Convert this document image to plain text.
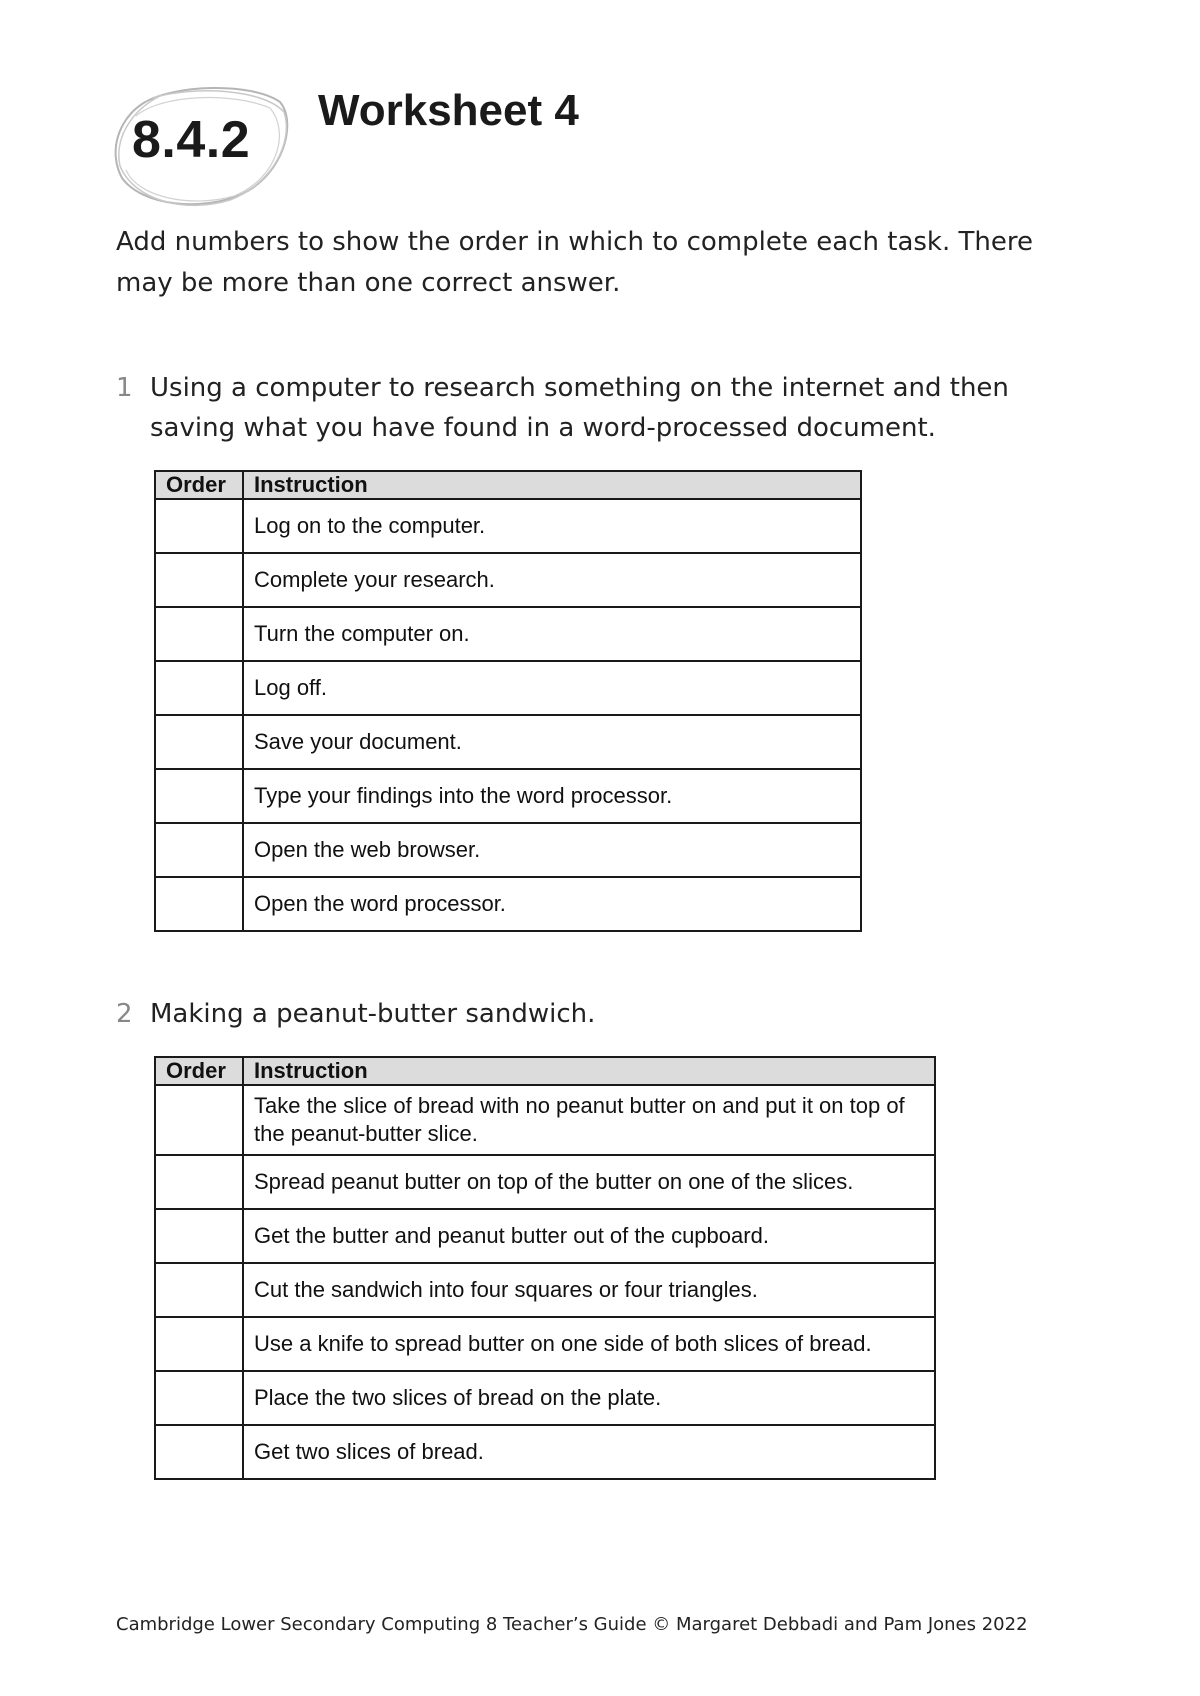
8.4.2
Worksheet 4
Add numbers to show the order in which to complete each task. There may be more than one correct answer.
1 Using a computer to research something on the internet and then saving what you have found in a word-processed document.
Order	Instruction
	Log on to the computer.
	Complete your research.
	Turn the computer on.
	Log off.
	Save your document.
	Type your findings into the word processor.
	Open the web browser.
	Open the word processor.
2 Making a peanut-butter sandwich.
Order	Instruction
	Take the slice of bread with no peanut butter on and put it on top of the peanut-butter slice.
	Spread peanut butter on top of the butter on one of the slices.
	Get the butter and peanut butter out of the cupboard.
	Cut the sandwich into four squares or four triangles.
	Use a knife to spread butter on one side of both slices of bread.
	Place the two slices of bread on the plate.
	Get two slices of bread.
Cambridge Lower Secondary Computing 8 Teacher’s Guide © Margaret Debbadi and Pam Jones 2022
